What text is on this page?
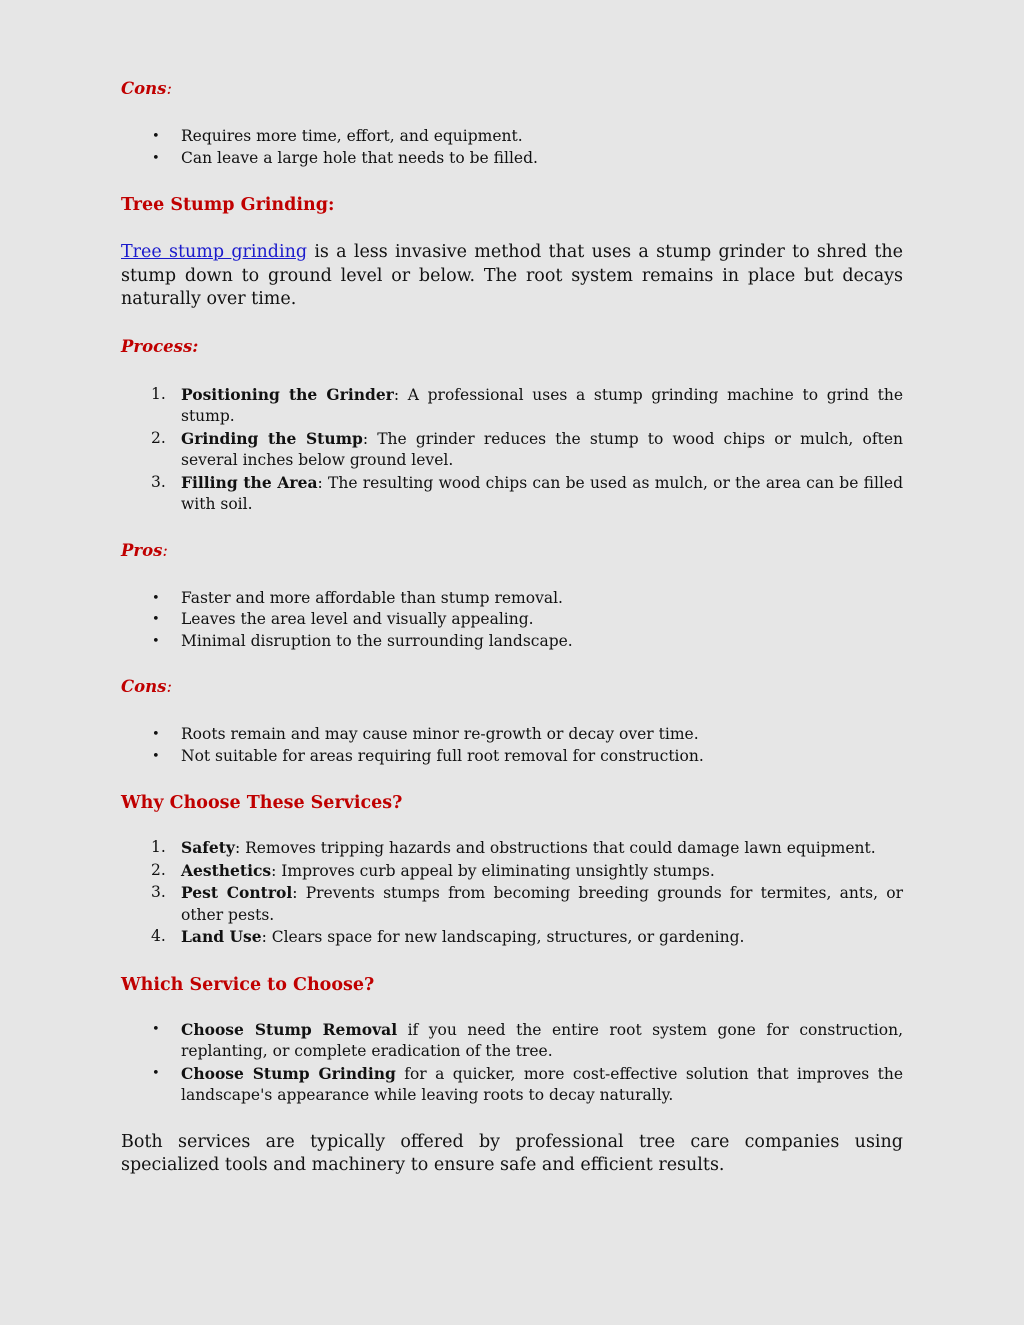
Cons:

• Requires more time, effort, and equipment.
• Can leave a large hole that needs to be filled.
Tree Stump Grinding:

Tree stump grinding is a less invasive method that uses a stump grinder to shred the stump down to ground level or below. The root system remains in place but decays naturally over time.

Process:

1. Positioning the Grinder: A professional uses a stump grinding machine to grind the stump.
2. Grinding the Stump: The grinder reduces the stump to wood chips or mulch, often several inches below ground level.
3. Filling the Area: The resulting wood chips can be used as mulch, or the area can be filled with soil.

Pros:

• Faster and more affordable than stump removal.
• Leaves the area level and visually appealing.
• Minimal disruption to the surrounding landscape.

Cons:

• Roots remain and may cause minor re-growth or decay over time.
• Not suitable for areas requiring full root removal for construction.
Why Choose These Services?
1. Safety: Removes tripping hazards and obstructions that could damage lawn equipment.
2. Aesthetics: Improves curb appeal by eliminating unsightly stumps.
3. Pest Control: Prevents stumps from becoming breeding grounds for termites, ants, or other pests.
4. Land Use: Clears space for new landscaping, structures, or gardening.
Which Service to Choose?
• Choose Stump Removal if you need the entire root system gone for construction, replanting, or complete eradication of the tree.
• Choose Stump Grinding for a quicker, more cost-effective solution that improves the landscape's appearance while leaving roots to decay naturally.

Both services are typically offered by professional tree care companies using specialized tools and machinery to ensure safe and efficient results.
